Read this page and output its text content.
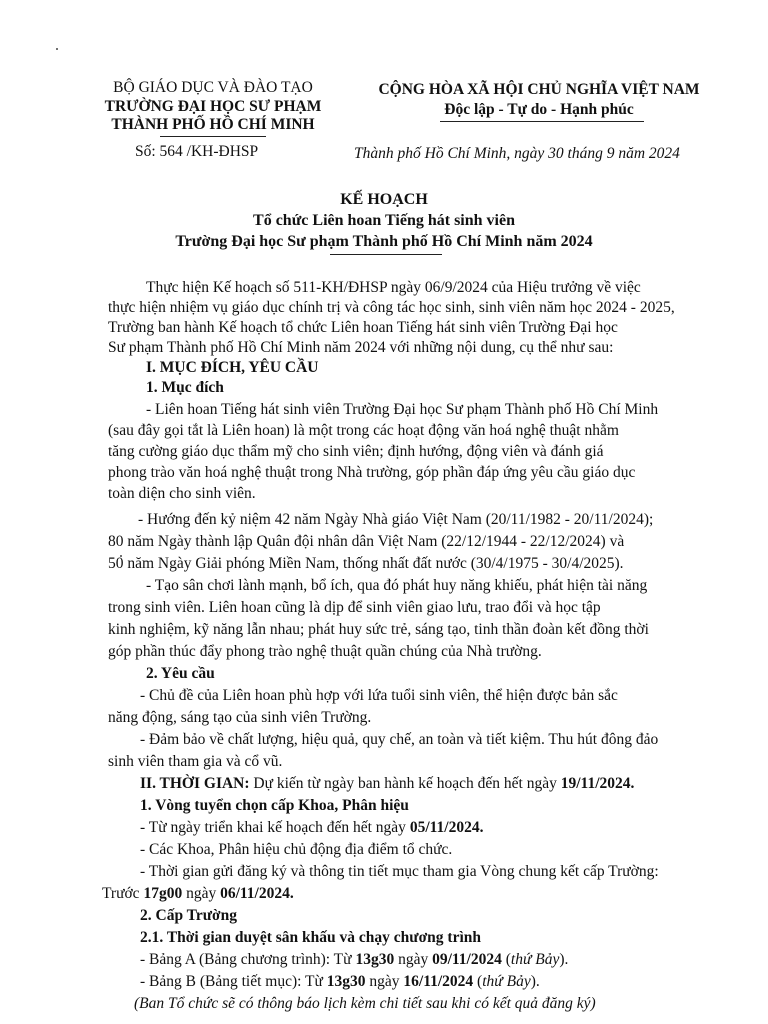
BỘ GIÁO DỤC VÀ ĐÀO TẠO
TRƯỜNG ĐẠI HỌC SƯ PHẠM
THÀNH PHỐ HỒ CHÍ MINH
Số: 564 /KH-ĐHSP
CỘNG HÒA XÃ HỘI CHỦ NGHĨA VIỆT NAM
Độc lập - Tự do - Hạnh phúc
Thành phố Hồ Chí Minh, ngày 30 tháng 9 năm 2024
KẾ HOẠCH
Tổ chức Liên hoan Tiếng hát sinh viên
Trường Đại học Sư phạm Thành phố Hồ Chí Minh năm 2024
Thực hiện Kế hoạch số 511-KH/ĐHSP ngày 06/9/2024 của Hiệu trưởng về việc
thực hiện nhiệm vụ giáo dục chính trị và công tác học sinh, sinh viên năm học 2024 - 2025,
Trường ban hành Kế hoạch tổ chức Liên hoan Tiếng hát sinh viên Trường Đại học
Sư phạm Thành phố Hồ Chí Minh năm 2024 với những nội dung, cụ thể như sau:
I. MỤC ĐÍCH, YÊU CẦU
1. Mục đích
- Liên hoan Tiếng hát sinh viên Trường Đại học Sư phạm Thành phố Hồ Chí Minh
(sau đây gọi tắt là Liên hoan) là một trong các hoạt động văn hoá nghệ thuật nhằm
tăng cường giáo dục thẩm mỹ cho sinh viên; định hướng, động viên và đánh giá
phong trào văn hoá nghệ thuật trong Nhà trường, góp phần đáp ứng yêu cầu giáo dục
toàn diện cho sinh viên.
- Hướng đến kỷ niệm 42 năm Ngày Nhà giáo Việt Nam (20/11/1982 - 20/11/2024);
80 năm Ngày thành lập Quân đội nhân dân Việt Nam (22/12/1944 - 22/12/2024) và
50 năm Ngày Giải phóng Miền Nam, thống nhất đất nước (30/4/1975 - 30/4/2025).
- Tạo sân chơi lành mạnh, bổ ích, qua đó phát huy năng khiếu, phát hiện tài năng
trong sinh viên. Liên hoan cũng là dịp để sinh viên giao lưu, trao đổi và học tập
kinh nghiệm, kỹ năng lẫn nhau; phát huy sức trẻ, sáng tạo, tinh thần đoàn kết đồng thời
góp phần thúc đẩy phong trào nghệ thuật quần chúng của Nhà trường.
2. Yêu cầu
- Chủ đề của Liên hoan phù hợp với lứa tuổi sinh viên, thể hiện được bản sắc
năng động, sáng tạo của sinh viên Trường.
- Đảm bảo về chất lượng, hiệu quả, quy chế, an toàn và tiết kiệm. Thu hút đông đảo
sinh viên tham gia và cổ vũ.
II. THỜI GIAN: Dự kiến từ ngày ban hành kế hoạch đến hết ngày 19/11/2024.
1. Vòng tuyển chọn cấp Khoa, Phân hiệu
- Từ ngày triển khai kế hoạch đến hết ngày 05/11/2024.
- Các Khoa, Phân hiệu chủ động địa điểm tổ chức.
- Thời gian gửi đăng ký và thông tin tiết mục tham gia Vòng chung kết cấp Trường:
Trước 17g00 ngày 06/11/2024.
2. Cấp Trường
2.1. Thời gian duyệt sân khấu và chạy chương trình
- Bảng A (Bảng chương trình): Từ 13g30 ngày 09/11/2024 (thứ Bảy).
- Bảng B (Bảng tiết mục): Từ 13g30 ngày 16/11/2024 (thứ Bảy).
(Ban Tổ chức sẽ có thông báo lịch kèm chi tiết sau khi có kết quả đăng ký)
